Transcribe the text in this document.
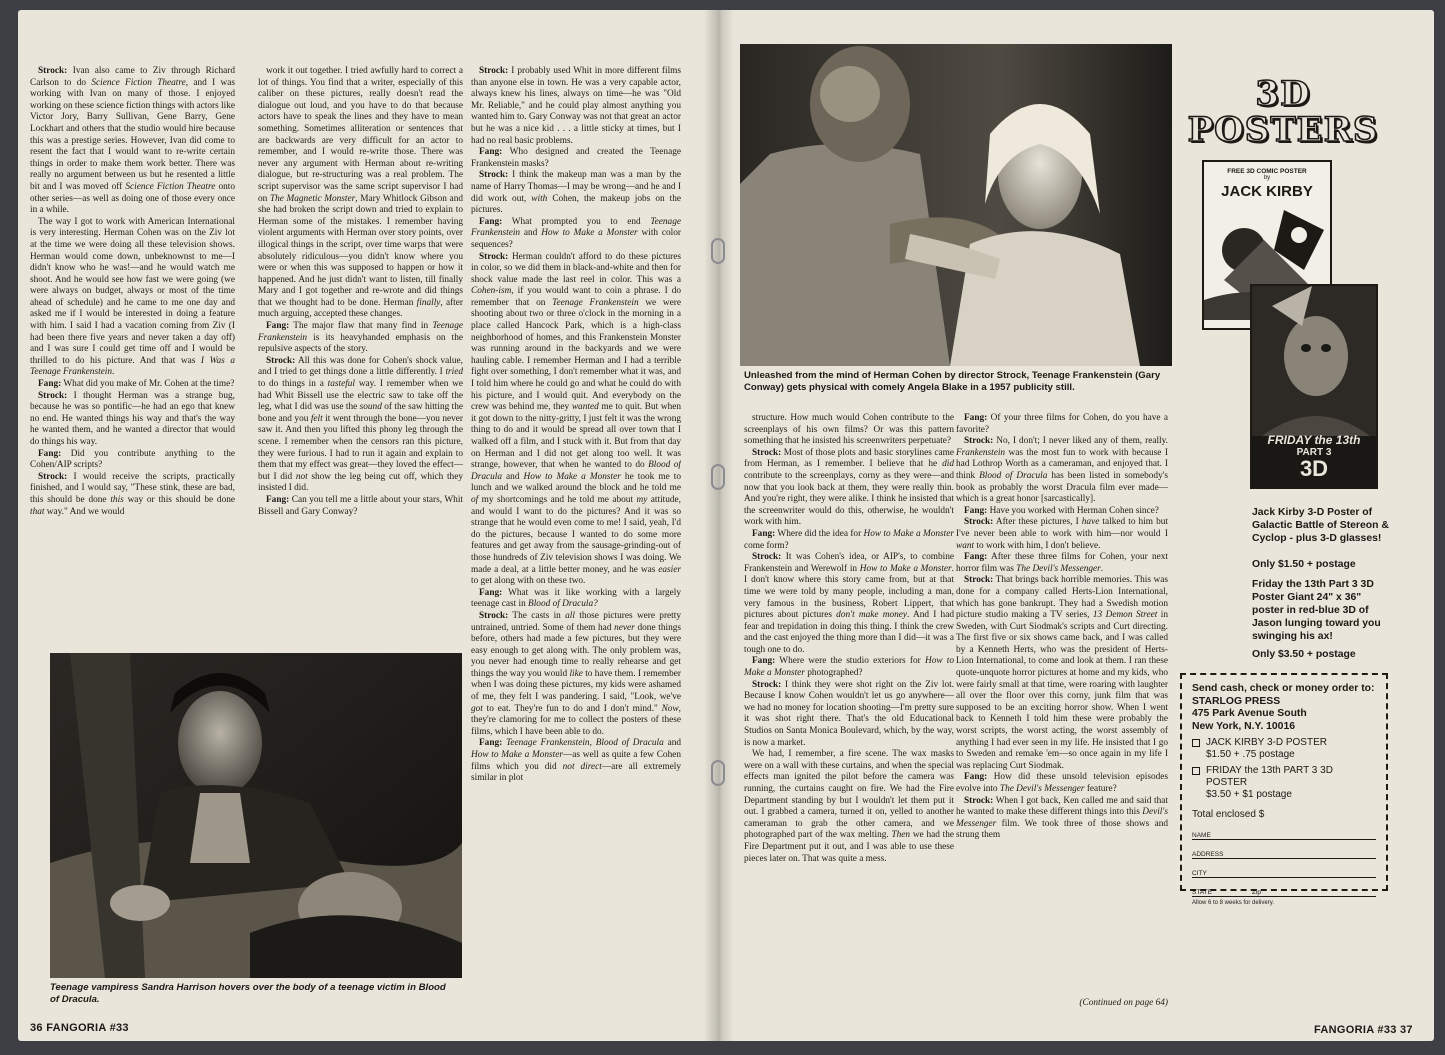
Strock: Ivan also came to Ziv through Richard Carlson to do Science Fiction Theatre, and I was working with Ivan on many of those. I enjoyed working on these science fiction things with actors like Victor Jory, Barry Sullivan, Gene Barry, Gene Lockhart and others that the studio would hire because this was a prestige series. However, Ivan did come to resent the fact that I would want to re-write certain things in order to make them work better. There was really no argument between us but he resented a little bit and I was moved off Science Fiction Theatre onto other series—as well as doing one of those every once in a while.

The way I got to work with American International is very interesting. Herman Cohen was on the Ziv lot at the time we were doing all these television shows. Herman would come down, unbeknownst to me—I didn't know who he was!—and he would watch me shoot. And he would see how fast we were going (we were always on budget, always or most of the time ahead of schedule) and he came to me one day and asked me if I would be interested in doing a feature with him. I said I had a vacation coming from Ziv (I had been there five years and never taken a day off) and I was sure I could get time off and I would be thrilled to do his picture. And that was I Was a Teenage Frankenstein.

Fang: What did you make of Mr. Cohen at the time?

Strock: I thought Herman was a strange bug, because he was so pontific—he had an ego that knew no end. He wanted things his way and that's the way he wanted them, and he wanted a director that would do things his way.

Fang: Did you contribute anything to the Cohen/AIP scripts?

Strock: I would receive the scripts, practically finished, and I would say, "These stink, these are bad, this should be done this way or this should be done that way." And we would

work it out together. I tried awfully hard to correct a lot of things. You find that a writer, especially of this caliber on these pictures, really doesn't read the dialogue out loud, and you have to do that because actors have to speak the lines and they have to mean something. Sometimes alliteration or sentences that are backwards are very difficult for an actor to remember, and I would re-write those. There was never any argument with Herman about re-writing dialogue, but re-structuring was a real problem. The script supervisor was the same script supervisor I had on The Magnetic Monster, Mary Whitlock Gibson and she had broken the script down and tried to explain to Herman some of the mistakes. I remember having violent arguments with Herman over story points, over illogical things in the script, over time warps that were absolutely ridiculous—you didn't know where you were or when this was supposed to happen or how it happened. And he just didn't want to listen, till finally Mary and I got together and re-wrote and did things that we thought had to be done. Herman finally, after much arguing, accepted these changes.

Fang: The major flaw that many find in Teenage Frankenstein is its heavyhanded emphasis on the repulsive aspects of the story.

Strock: All this was done for Cohen's shock value, and I tried to get things done a little differently. I tried to do things in a tasteful way. I remember when we had Whit Bissell use the electric saw to take off the leg, what I did was use the sound of the saw hitting the bone and you felt it went through the bone—you never saw it. And then you lifted this phony leg through the scene. I remember when the censors ran this picture, they were furious. I had to run it again and explain to them that my effect was great—they loved the effect—but I did not show the leg being cut off, which they insisted I did.

Fang: Can you tell me a little about your stars, Whit Bissell and Gary Conway?

Strock: I probably used Whit in more different films than anyone else in town. He was a very capable actor, always knew his lines, always on time—he was "Old Mr. Reliable," and he could play almost anything you wanted him to. Gary Conway was not that great an actor but he was a nice kid . . . a little sticky at times, but I had no real basic problems.

Fang: Who designed and created the Teenage Frankenstein masks?

Strock: I think the makeup man was a man by the name of Harry Thomas—I may be wrong—and he and I did work out, with Cohen, the makeup jobs on the pictures.

Fang: What prompted you to end Teenage Frankenstein and How to Make a Monster with color sequences?

Strock: Herman couldn't afford to do these pictures in color, so we did them in black-and-white and then for shock value made the last reel in color. This was a Cohen-ism, if you would want to coin a phrase. I do remember that on Teenage Frankenstein we were shooting about two or three o'clock in the morning in a place called Hancock Park, which is a high-class neighborhood of homes, and this Frankenstein Monster was running around in the backyards and we were hauling cable. I remember Herman and I had a terrible fight over something, I don't remember what it was, and I told him where he could go and what he could do with his picture, and I would quit. And everybody on the crew was behind me, they wanted me to quit. But when it got down to the nitty-gritty, I just felt it was the wrong thing to do and it would be spread all over town that I walked off a film, and I stuck with it. But from that day on Herman and I did not get along too well. It was strange, however, that when he wanted to do Blood of Dracula and How to Make a Monster he took me to lunch and we walked around the block and he told me of my shortcomings and he told me about my attitude, and would I want to do the pictures? And it was so strange that he would even come to me! I said, yeah, I'd do the pictures, because I wanted to do some more features and get away from the sausage-grinding-out of those hundreds of Ziv television shows I was doing. We made a deal, at a little better money, and he was easier to get along with on these two.

Fang: What was it like working with a largely teenage cast in Blood of Dracula?

Strock: The casts in all those pictures were pretty untrained, untried. Some of them had never done things before, others had made a few pictures, but they were easy enough to get along with. The only problem was, you never had enough time to really rehearse and get things the way you would like to have them. I remember when I was doing these pictures, my kids were ashamed of me, they felt I was pandering. I said, "Look, we've got to eat. They're fun to do and I don't mind." Now, they're clamoring for me to collect the posters of these films, which I have been able to do.

Fang: Teenage Frankenstein, Blood of Dracula and How to Make a Monster—as well as quite a few Cohen films which you did not direct—are all extremely similar in plot

Teenage vampiress Sandra Harrison hovers over the body of a teenage victim in Blood of Dracula.
36 FANGORIA #33
Unleashed from the mind of Herman Cohen by director Strock, Teenage Frankenstein (Gary Conway) gets physical with comely Angela Blake in a 1957 publicity still.

structure. How much would Cohen contribute to the screenplays of his own films? Or was this pattern something that he insisted his screenwriters perpetuate?

Strock: Most of those plots and basic storylines came from Herman, as I remember. I believe that he did contribute to the screenplays, corny as they were—and now that you look back at them, they were really thin. And you're right, they were alike. I think he insisted that the screenwriter would do this, otherwise, he wouldn't work with him.

Fang: Where did the idea for How to Make a Monster come form?

Strock: It was Cohen's idea, or AIP's, to combine Frankenstein and Werewolf in How to Make a Monster. I don't know where this story came from, but at that time we were told by many people, including a man, very famous in the business, Robert Lippert, that pictures about pictures don't make money. And I had fear and trepidation in doing this thing. I think the crew and the cast enjoyed the thing more than I did—it was a tough one to do.

Fang: Where were the studio exteriors for How to Make a Monster photographed?

Strock: I think they were shot right on the Ziv lot. Because I know Cohen wouldn't let us go anywhere—we had no money for location shooting—I'm pretty sure it was shot right there. That's the old Educational Studios on Santa Monica Boulevard, which, by the way, is now a market.

We had, I remember, a fire scene. The wax masks were on a wall with these curtains, and when the special effects man ignited the pilot before the camera was running, the curtains caught on fire. We had the Fire Department standing by but I wouldn't let them put it out. I grabbed a camera, turned it on, yelled to another cameraman to grab the other camera, and we photographed part of the wax melting. Then we had the Fire Department put it out, and I was able to use these pieces later on. That was quite a mess.

Fang: Of your three films for Cohen, do you have a favorite?

Strock: No, I don't; I never liked any of them, really. Frankenstein was the most fun to work with because I had Lothrop Worth as a cameraman, and enjoyed that. I think Blood of Dracula has been listed in somebody's book as probably the worst Dracula film ever made—which is a great honor [sarcastically].

Fang: Have you worked with Herman Cohen since?

Strock: After these pictures, I have talked to him but I've never been able to work with him—nor would I want to work with him, I don't believe.

Fang: After these three films for Cohen, your next horror film was The Devil's Messenger.

Strock: That brings back horrible memories. This was done for a company called Herts-Lion International, which has gone bankrupt. They had a Swedish motion picture studio making a TV series, 13 Demon Street in Sweden, with Curt Siodmak's scripts and Curt directing. The first five or six shows came back, and I was called by a Kenneth Herts, who was the president of Herts-Lion International, to come and look at them. I ran these quote-unquote horror pictures at home and my kids, who were fairly small at that time, were roaring with laughter all over the floor over this corny, junk film that was supposed to be an exciting horror show. When I went back to Kenneth I told him these were probably the worst scripts, the worst acting, the worst assembly of anything I had ever seen in my life. He insisted that I go to Sweden and remake 'em—so once again in my life I was replacing Curt Siodmak.

Fang: How did these unsold television episodes evolve into The Devil's Messenger feature?

Strock: When I got back, Ken called me and said that he wanted to make these different things into this Devil's Messenger film. We took three of those shows and strung them

(Continued on page 64)
3D POSTERS
FREE 3D COMIC POSTER
by
JACK KIRBY
FRIDAY the 13th
PART 3
3D
Jack Kirby 3-D Poster of Galactic Battle of Stereon & Cyclop - plus 3-D glasses!
Only $1.50 + postage
Friday the 13th Part 3 3D Poster Giant 24" x 36" poster in red-blue 3D of Jason lunging toward you swinging his ax!
Only $3.50 + postage
Send cash, check or money order to:
STARLOG PRESS
475 Park Avenue South
New York, N.Y. 10016
JACK KIRBY 3-D POSTER
$1.50 + .75 postage
FRIDAY the 13th PART 3 3D POSTER
$3.50 + $1 postage
Total enclosed $
NAME
ADDRESS
CITY
STATE	Zip
Allow 6 to 8 weeks for delivery.
FANGORIA #33 37
